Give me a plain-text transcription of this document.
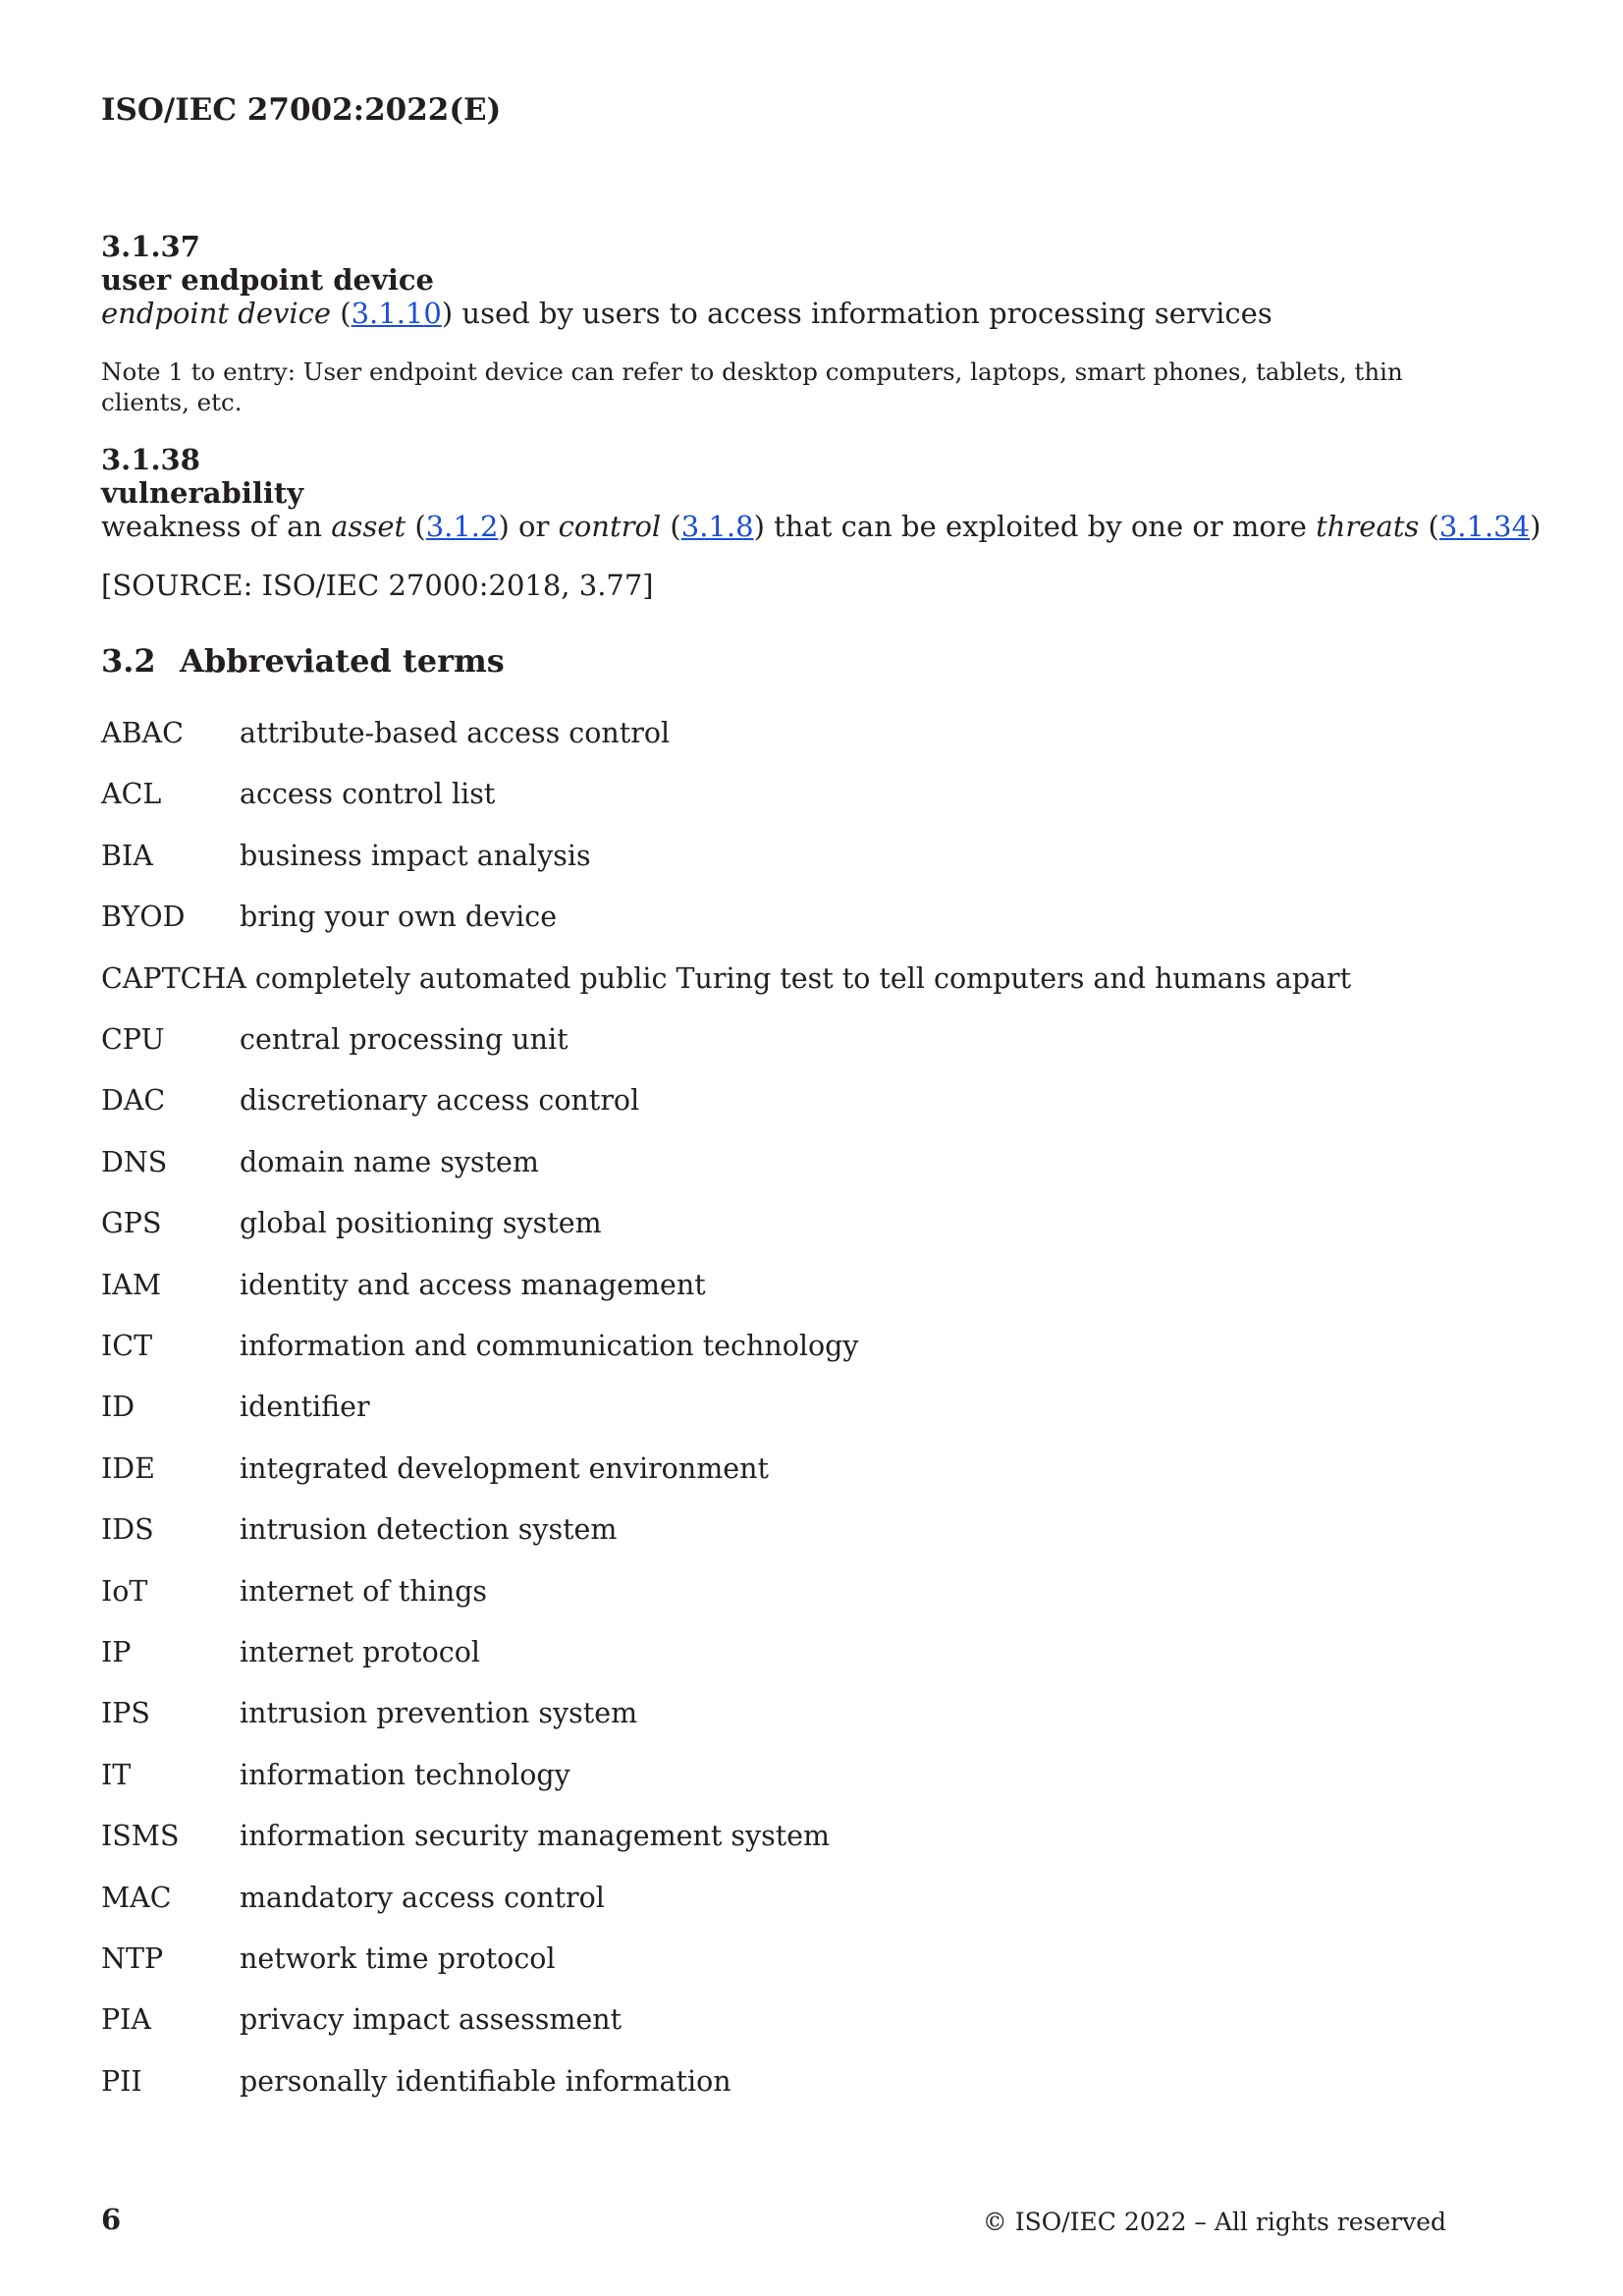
ISO/IEC 27002:2022(E)
3.1.37
user endpoint device
endpoint device (3.1.10) used by users to access information processing services
Note 1 to entry: User endpoint device can refer to desktop computers, laptops, smart phones, tablets, thin clients, etc.
3.1.38
vulnerability
weakness of an asset (3.1.2) or control (3.1.8) that can be exploited by one or more threats (3.1.34)
[SOURCE: ISO/IEC 27000:2018, 3.77]
3.2 Abbreviated terms
ABAC attribute-based access control
ACL	access control list
BIA	business impact analysis
BYOD bring your own device
CAPTCHA completely automated public Turing test to tell computers and humans apart
CPU	central processing unit
DAC	discretionary access control
DNS	domain name system
GPS	global positioning system
IAM	identity and access management
ICT	information and communication technology
ID	identifier
IDE	integrated development environment
IDS	intrusion detection system
IoT	internet of things
IP	internet protocol
IPS	intrusion prevention system
IT	information technology
ISMS information security management system
MAC mandatory access control
NTP	network time protocol
PIA	privacy impact assessment
PII	personally identifiable information
6	© ISO/IEC 2022 – All rights reserved
